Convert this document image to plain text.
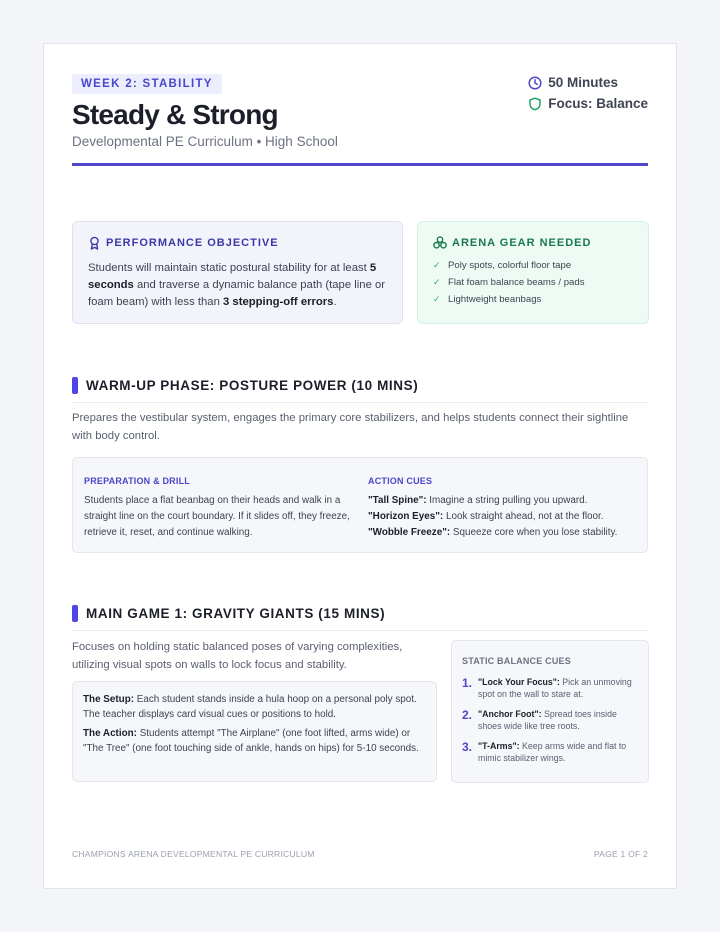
WEEK 2: STABILITY
Steady & Strong
Developmental PE Curriculum • High School
50 Minutes
Focus: Balance
PERFORMANCE OBJECTIVE

Students will maintain static postural stability for at least 5 seconds and traverse a dynamic balance path (tape line or foam beam) with less than 3 stepping-off errors.

ARENA GEAR NEEDED
✓ Poly spots, colorful floor tape
✓ Flat foam balance beams / pads
✓ Lightweight beanbags
WARM-UP PHASE: POSTURE POWER (10 MINS)

Prepares the vestibular system, engages the primary core stabilizers, and helps students connect their sightline with body control.

PREPARATION & DRILL

Students place a flat beanbag on their heads and walk in a straight line on the court boundary. If it slides off, they freeze, retrieve it, reset, and continue walking.

ACTION CUES
"Tall Spine": Imagine a string pulling you upward.
"Horizon Eyes": Look straight ahead, not at the floor.
"Wobble Freeze": Squeeze core when you lose stability.
MAIN GAME 1: GRAVITY GIANTS (15 MINS)

Focuses on holding static balanced poses of varying complexities, utilizing visual spots on walls to lock focus and stability.

The Setup: Each student stands inside a hula hoop on a personal poly spot. The teacher displays card visual cues or positions to hold.

The Action: Students attempt "The Airplane" (one foot lifted, arms wide) or "The Tree" (one foot touching side of ankle, hands on hips) for 5-10 seconds.

STATIC BALANCE CUES
1. "Lock Your Focus": Pick an unmoving spot on the wall to stare at.
2. "Anchor Foot": Spread toes inside shoes wide like tree roots.
3. "T-Arms": Keep arms wide and flat to mimic stabilizer wings.
CHAMPIONS ARENA DEVELOPMENTAL PE CURRICULUM	PAGE 1 OF 2
